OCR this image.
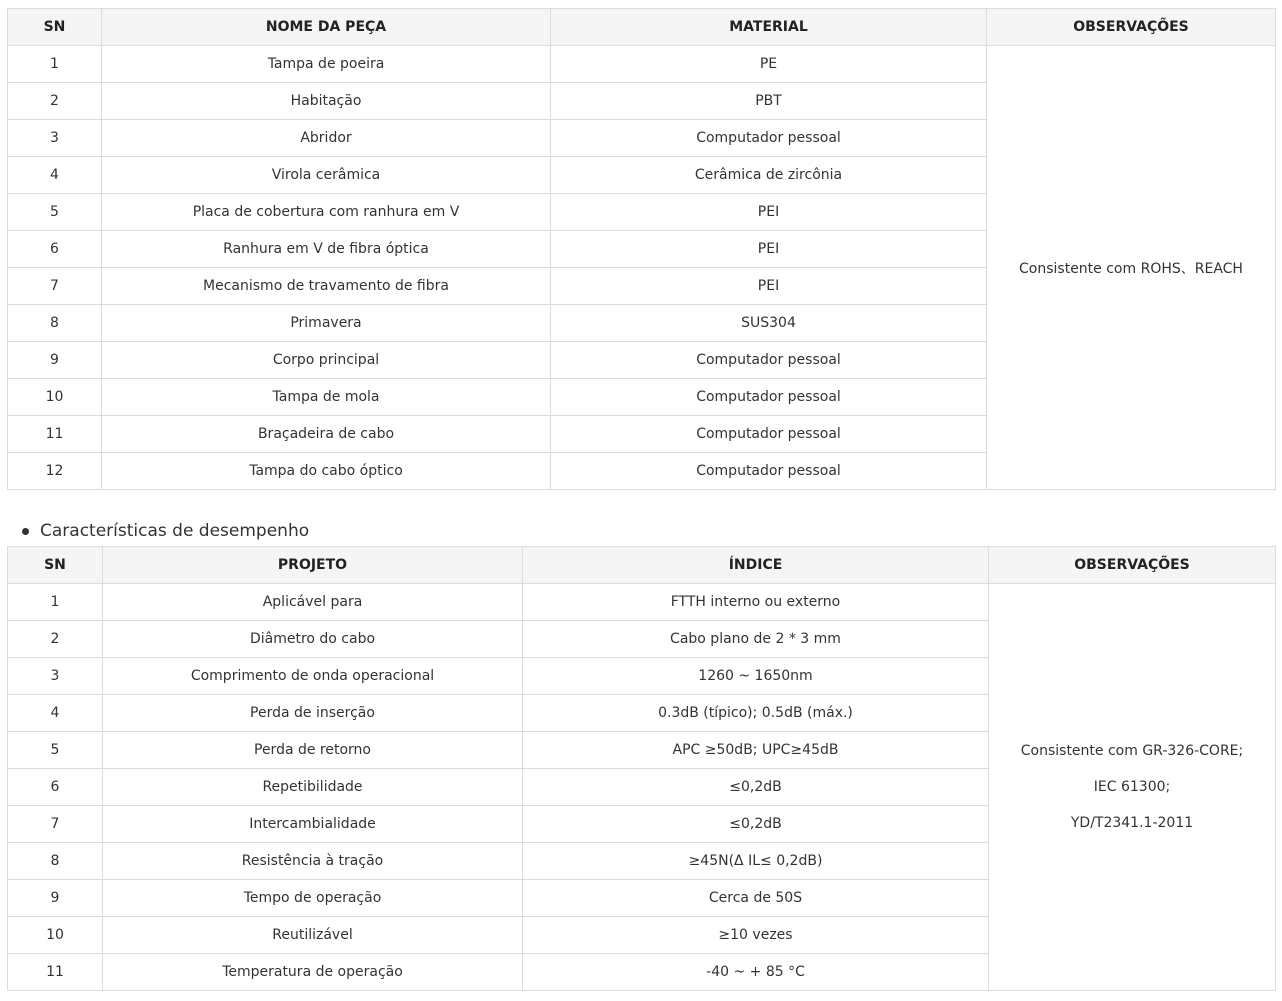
SN	NOME DA PEÇA	MATERIAL	OBSERVAÇÕES
1	Tampa de poeira	PE	Consistente com ROHS、REACH
2	Habitação	PBT	
3	Abridor	Computador pessoal	
4	Virola cerâmica	Cerâmica de zircônia	
5	Placa de cobertura com ranhura em V	PEI	
6	Ranhura em V de fibra óptica	PEI	
7	Mecanismo de travamento de fibra	PEI	
8	Primavera	SUS304	
9	Corpo principal	Computador pessoal	
10	Tampa de mola	Computador pessoal	
11	Braçadeira de cabo	Computador pessoal	
12	Tampa do cabo óptico	Computador pessoal	
Características de desempenho
SN	PROJETO	ÍNDICE	OBSERVAÇÕES
1	Aplicável para	FTTH interno ou externo	Consistente com GR-326-CORE;
IEC 61300;
YD/T2341.1-2011

2	Diâmetro do cabo	Cabo plano de 2 * 3 mm	
3	Comprimento de onda operacional	1260 ~ 1650nm	
4	Perda de inserção	0.3dB (típico); 0.5dB (máx.)	
5	Perda de retorno	APC ≥50dB; UPC≥45dB	
6	Repetibilidade	≤0,2dB	
7	Intercambialidade	≤0,2dB	
8	Resistência à tração	≥45N(Δ IL≤ 0,2dB)	
9	Tempo de operação	Cerca de 50S	
10	Reutilizável	≥10 vezes	
11	Temperatura de operação	-40 ~ + 85 °C	
